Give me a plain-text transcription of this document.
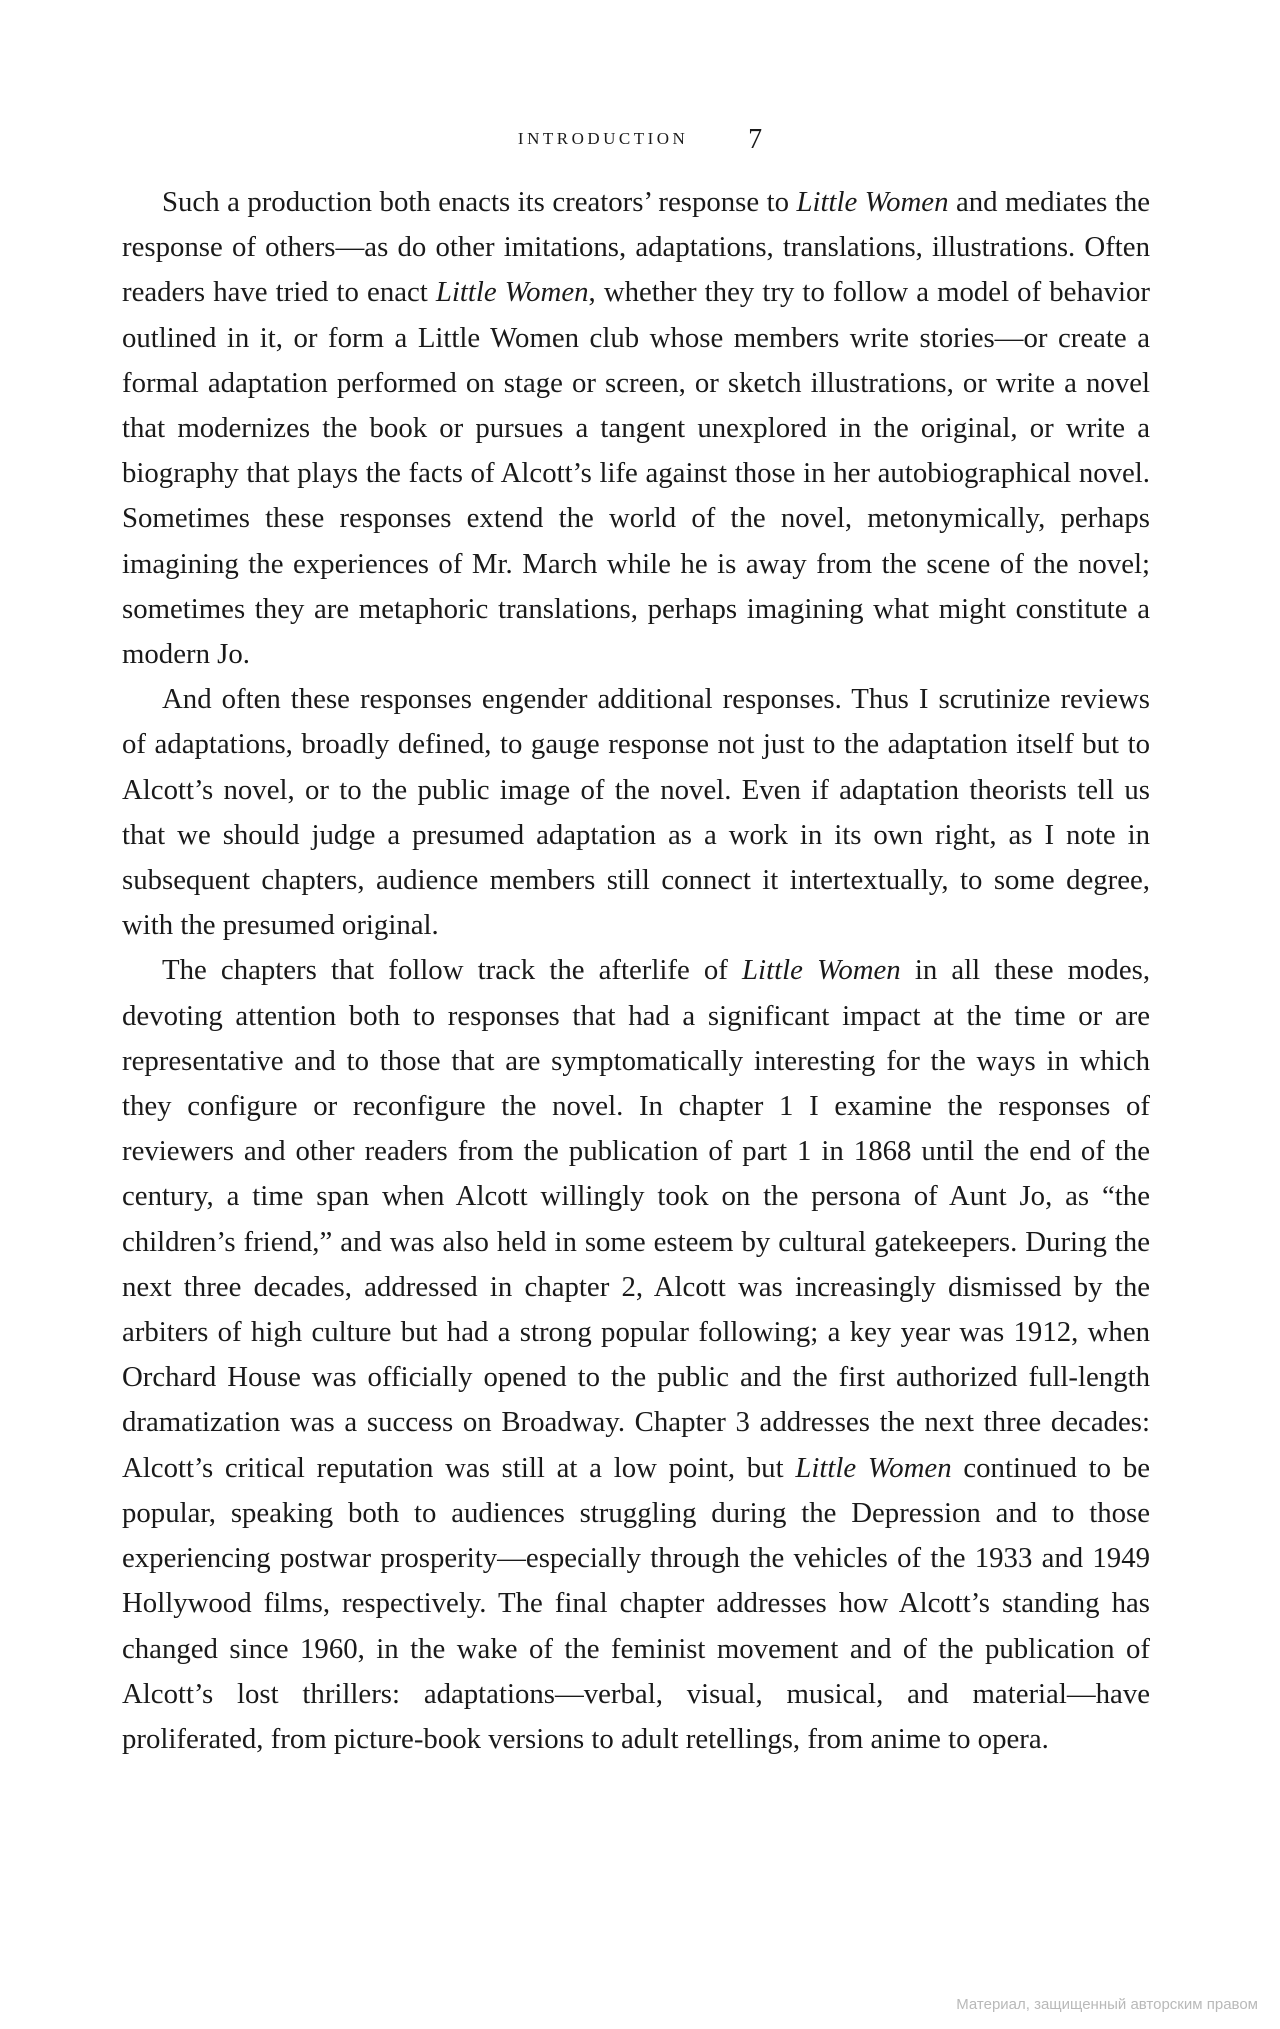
INTRODUCTION 7

Such a production both enacts its creators’ response to Little Women and mediates the response of others—as do other imitations, adaptations, translations, illustrations. Often readers have tried to enact Little Women, whether they try to follow a model of behavior outlined in it, or form a Little Women club whose members write stories—or create a formal adaptation performed on stage or screen, or sketch illustrations, or write a novel that modernizes the book or pursues a tangent unexplored in the original, or write a biography that plays the facts of Alcott’s life against those in her autobiographical novel. Sometimes these responses extend the world of the novel, metonymically, perhaps imagining the experiences of Mr. March while he is away from the scene of the novel; sometimes they are metaphoric translations, perhaps imagining what might constitute a modern Jo.

And often these responses engender additional responses. Thus I scrutinize reviews of adaptations, broadly defined, to gauge response not just to the adaptation itself but to Alcott’s novel, or to the public image of the novel. Even if adaptation theorists tell us that we should judge a presumed adaptation as a work in its own right, as I note in subsequent chapters, audience members still connect it intertextually, to some degree, with the presumed original.

The chapters that follow track the afterlife of Little Women in all these modes, devoting attention both to responses that had a significant impact at the time or are representative and to those that are symptomatically interesting for the ways in which they configure or reconfigure the novel. In chapter 1 I examine the responses of reviewers and other readers from the publication of part 1 in 1868 until the end of the century, a time span when Alcott willingly took on the persona of Aunt Jo, as “the children’s friend,” and was also held in some esteem by cultural gatekeepers. During the next three decades, addressed in chapter 2, Alcott was increasingly dismissed by the arbiters of high culture but had a strong popular following; a key year was 1912, when Orchard House was officially opened to the public and the first authorized full-length dramatization was a success on Broadway. Chapter 3 addresses the next three decades: Alcott’s critical reputation was still at a low point, but Little Women continued to be popular, speaking both to audiences struggling during the Depression and to those experiencing postwar prosperity—especially through the vehicles of the 1933 and 1949 Hollywood films, respectively. The final chapter addresses how Alcott’s standing has changed since 1960, in the wake of the feminist movement and of the publication of Alcott’s lost thrillers: adaptations—verbal, visual, musical, and material—have proliferated, from picture-book versions to adult retellings, from anime to opera.

Материал, защищенный авторским правом
